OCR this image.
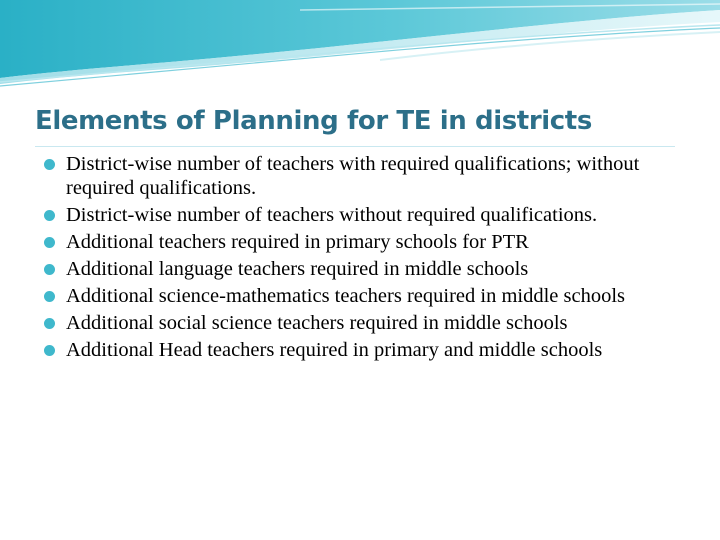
Elements of Planning for TE in districts
District-wise number of teachers with required qualifications; without required qualifications.
District-wise number of teachers without required qualifications.
Additional teachers required in primary schools for PTR
Additional language teachers required in middle schools
Additional science-mathematics teachers required in middle schools
Additional social science teachers required in middle schools
Additional Head teachers required in primary and middle schools
